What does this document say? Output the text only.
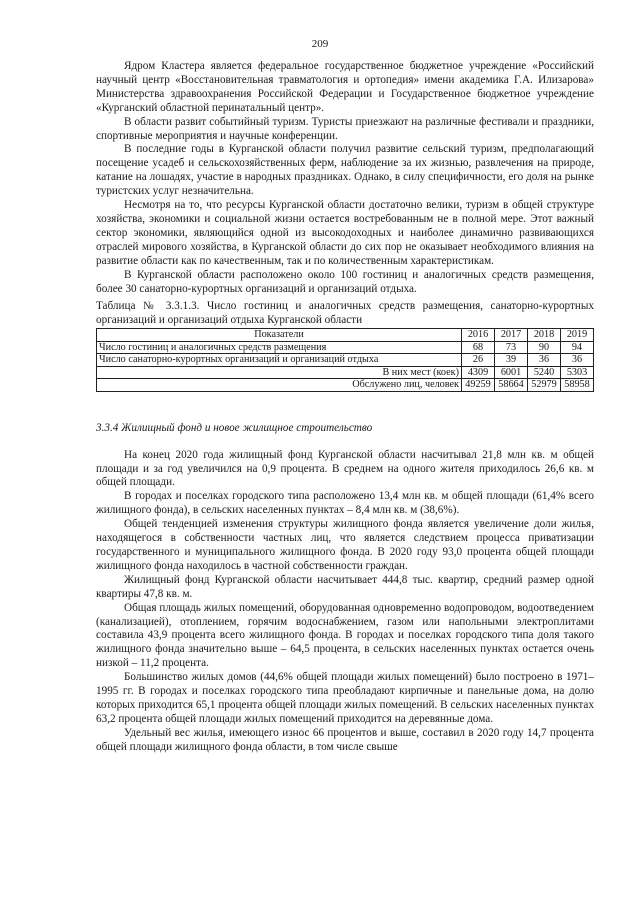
209

Ядром Кластера является федеральное государственное бюджетное учреждение «Российский научный центр «Восстановительная травматология и ортопедия» имени академика Г.А. Илизарова» Министерства здравоохранения Российской Федерации и Государственное бюджетное учреждение «Курганский областной перинатальный центр».

В области развит событийный туризм. Туристы приезжают на различные фестивали и праздники, спортивные мероприятия и научные конференции.

В последние годы в Курганской области получил развитие сельский туризм, предполагающий посещение усадеб и сельскохозяйственных ферм, наблюдение за их жизнью, развлечения на природе, катание на лошадях, участие в народных праздниках. Однако, в силу специфичности, его доля на рынке туристских услуг незначительна.

Несмотря на то, что ресурсы Курганской области достаточно велики, туризм в общей структуре хозяйства, экономики и социальной жизни остается востребованным не в полной мере. Этот важный сектор экономики, являющийся одной из высокодоходных и наиболее динамично развивающихся отраслей мирового хозяйства, в Курганской области до сих пор не оказывает необходимого влияния на развитие области как по качественным, так и по количественным характеристикам.

В Курганской области расположено около 100 гостиниц и аналогичных средств размещения, более 30 санаторно-курортных организаций и организаций отдыха.

Таблица № 3.3.1.3. Число гостиниц и аналогичных средств размещения, санаторно-курортных организаций и организаций отдыха Курганской области

Показатели	2016	2017	2018	2019
Число гостиниц и аналогичных средств размещения	68	73	90	94
Число санаторно-курортных организаций и организаций отдыха	26	39	36	36
В них мест (коек)	4309	6001	5240	5303
Обслужено лиц, человек	49259	58664	52979	58958

3.3.4 Жилищный фонд и новое жилищное строительство

На конец 2020 года жилищный фонд Курганской области насчитывал 21,8 млн кв. м общей площади и за год увеличился на 0,9 процента. В среднем на одного жителя приходилось 26,6 кв. м общей площади.

В городах и поселках городского типа расположено 13,4 млн кв. м общей площади (61,4% всего жилищного фонда), в сельских населенных пунктах – 8,4 млн кв. м (38,6%).

Общей тенденцией изменения структуры жилищного фонда является увеличение доли жилья, находящегося в собственности частных лиц, что является следствием процесса приватизации государственного и муниципального жилищного фонда. В 2020 году 93,0 процента общей площади жилищного фонда находилось в частной собственности граждан.

Жилищный фонд Курганской области насчитывает 444,8 тыс. квартир, средний размер одной квартиры 47,8 кв. м.

Общая площадь жилых помещений, оборудованная одновременно водопроводом, водоотведением (канализацией), отоплением, горячим водоснабжением, газом или напольными электроплитами составила 43,9 процента всего жилищного фонда. В городах и поселках городского типа доля такого жилищного фонда значительно выше – 64,5 процента, в сельских населенных пунктах остается очень низкой – 11,2 процента.

Большинство жилых домов (44,6% общей площади жилых помещений) было построено в 1971–1995 гг. В городах и поселках городского типа преобладают кирпичные и панельные дома, на долю которых приходится 65,1 процента общей площади жилых помещений. В сельских населенных пунктах 63,2 процента общей площади жилых помещений приходится на деревянные дома.

Удельный вес жилья, имеющего износ 66 процентов и выше, составил в 2020 году 14,7 процента общей площади жилищного фонда области, в том числе свыше
